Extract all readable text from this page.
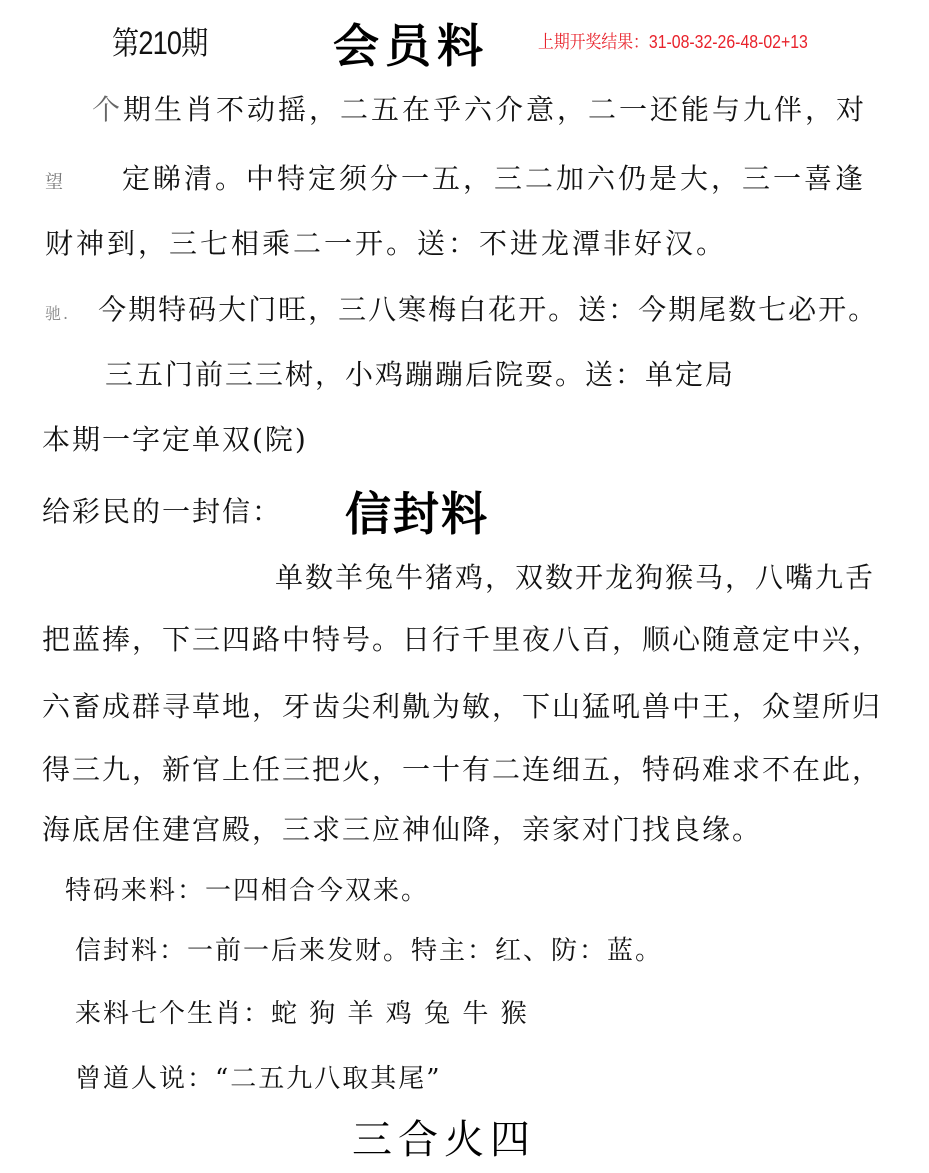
第210期	会员料	上期开奖结果：31-08-32-26-48-02+13
个期生肖不动摇，二五在乎六介意，二一还能与九伴，对
望 定睇清。中特定须分一五，三二加六仍是大，三一喜逢
财神到，三七相乘二一开。送：不进龙潭非好汉。
驰. 今期特码大门旺，三八寒梅白花开。送：今期尾数七必开。
三五门前三三树，小鸡蹦蹦后院耍。送：单定局
本期一字定单双(院)
给彩民的一封信： 信封料
单数羊兔牛猪鸡，双数开龙狗猴马，八嘴九舌
把蓝捧，下三四路中特号。日行千里夜八百，顺心随意定中兴，
六畜成群寻草地，牙齿尖利鼽为敏，下山猛吼兽中王，众望所归
得三九，新官上任三把火，一十有二连细五，特码难求不在此，
海底居住建宫殿，三求三应神仙降，亲家对门找良缘。
特码来料：一四相合今双来。
信封料：一前一后来发财。特主：红、防：蓝。
来料七个生肖：蛇 狗 羊 鸡 兔 牛 猴
曾道人说：“二五九八取其尾”
三合火四
